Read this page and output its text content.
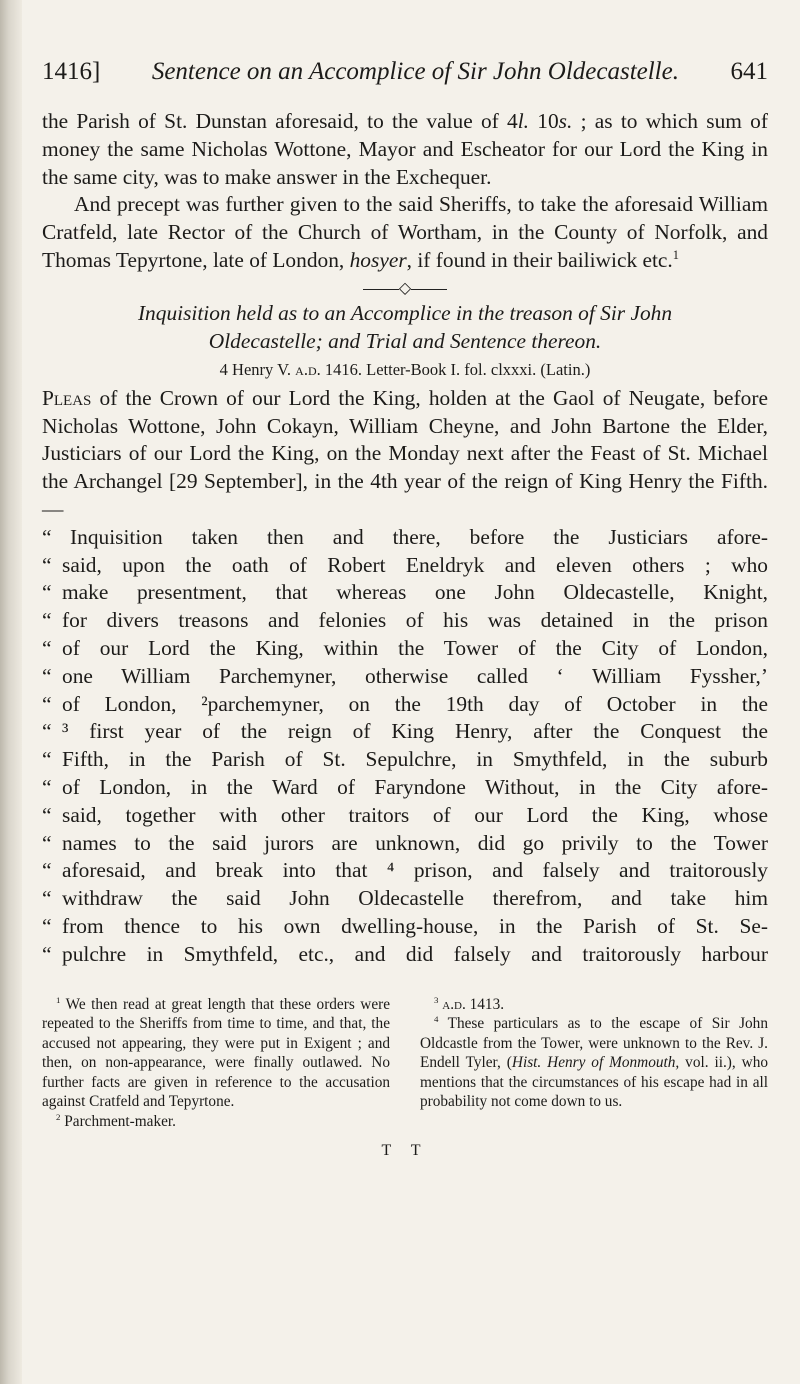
1416] Sentence on an Accomplice of Sir John Oldecastelle. 641

the Parish of St. Dunstan aforesaid, to the value of 4l. 10s. ; as to which sum of money the same Nicholas Wottone, Mayor and Escheator for our Lord the King in the same city, was to make answer in the Exchequer.

And precept was further given to the said Sheriffs, to take the aforesaid William Cratfeld, late Rector of the Church of Wortham, in the County of Norfolk, and Thomas Tepyrtone, late of London, hosyer, if found in their bailiwick etc.$^1$

◇
Inquisition held as to an Accomplice in the treason of Sir John
Oldecastelle; and Trial and Sentence thereon.
4 Henry V. a.d. 1416. Letter-Book I. fol. clxxxi. (Latin.)

Pleas of the Crown of our Lord the King, holden at the Gaol of Neugate, before Nicholas Wottone, John Cokayn, William Cheyne, and John Bartone the Elder, Justiciars of our Lord the King, on the Monday next after the Feast of St. Michael the Archangel [29 September], in the 4th year of the reign of King Henry the Fifth.—

“ Inquisition taken then and there, before the Justiciars afore-
“ said, upon the oath of Robert Eneldryk and eleven others ; who
“ make presentment, that whereas one John Oldecastelle, Knight,
“ for divers treasons and felonies of his was detained in the prison
“ of our Lord the King, within the Tower of the City of London,
“ one William Parchemyner, otherwise called ‘ William Fyssher,’
“ of London, ²parchemyner, on the 19th day of October in the
“ ³ first year of the reign of King Henry, after the Conquest the
“ Fifth, in the Parish of St. Sepulchre, in Smythfeld, in the suburb
“ of London, in the Ward of Faryndone Without, in the City afore-
“ said, together with other traitors of our Lord the King, whose
“ names to the said jurors are unknown, did go privily to the Tower
“ aforesaid, and break into that ⁴ prison, and falsely and traitorously
“ withdraw the said John Oldecastelle therefrom, and take him
“ from thence to his own dwelling-house, in the Parish of St. Se-
“ pulchre in Smythfeld, etc., and did falsely and traitorously harbour

$^1$ We then read at great length that these orders were repeated to the Sheriffs from time to time, and that, the accused not appearing, they were put in Exigent ; and then, on non-appearance, were finally outlawed. No further facts are given in reference to the accusation against Cratfeld and Tepyrtone.

$^2$ Parchment-maker.

$^3$ a.d. 1413.

$^4$ These particulars as to the escape of Sir John Oldcastle from the Tower, were unknown to the Rev. J. Endell Tyler, (Hist. Henry of Monmouth, vol. ii.), who mentions that the circumstances of his escape had in all probability not come down to us.

T T
